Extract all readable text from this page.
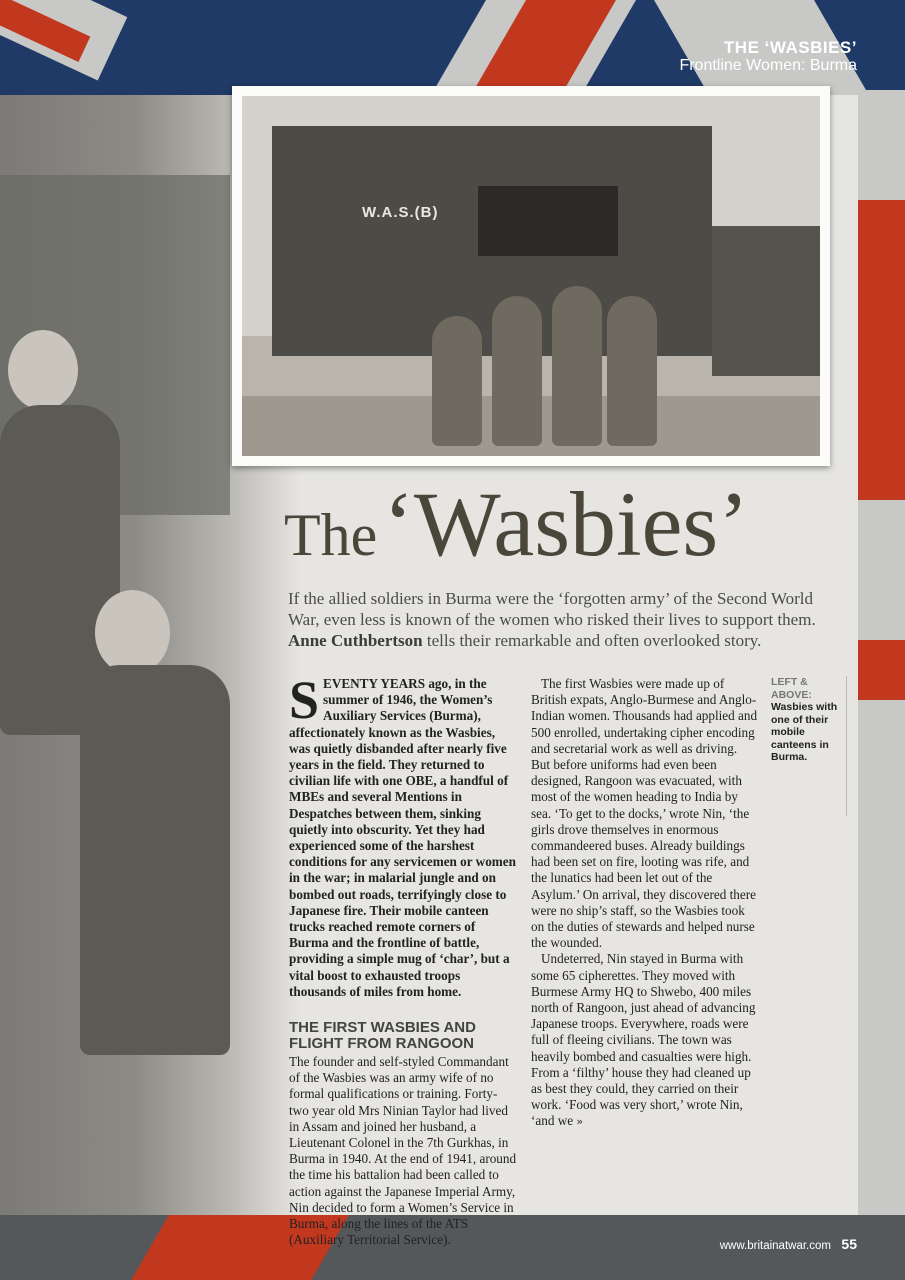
THE ‘WASBIES’
Frontline Women: Burma
W.A.S.(B)
The‘Wasbies’
If the allied soldiers in Burma were the ‘forgotten army’ of the Second World War, even less is known of the women who risked their lives to support them. Anne Cuthbertson tells their remarkable and often overlooked story.

SEVENTY YEARS ago, in the summer of 1946, the Women’s Auxiliary Services (Burma), affectionately known as the Wasbies, was quietly disbanded after nearly five years in the field. They returned to civilian life with one OBE, a handful of MBEs and several Mentions in Despatches between them, sinking quietly into obscurity. Yet they had experienced some of the harshest conditions for any servicemen or women in the war; in malarial jungle and on bombed out roads, terrifyingly close to Japanese fire. Their mobile canteen trucks reached remote corners of Burma and the frontline of battle, providing a simple mug of ‘char’, but a vital boost to exhausted troops thousands of miles from home.

THE FIRST WASBIES AND FLIGHT FROM RANGOON

The founder and self-styled Commandant of the Wasbies was an army wife of no formal qualifications or training. Forty-two year old Mrs Ninian Taylor had lived in Assam and joined her husband, a Lieutenant Colonel in the 7th Gurkhas, in Burma in 1940. At the end of 1941, around the time his battalion had been called to action against the Japanese Imperial Army, Nin decided to form a Women’s Service in Burma, along the lines of the ATS (Auxiliary Territorial Service).

The first Wasbies were made up of British expats, Anglo-Burmese and Anglo-Indian women. Thousands had applied and 500 enrolled, undertaking cipher encoding and secretarial work as well as driving. But before uniforms had even been designed, Rangoon was evacuated, with most of the women heading to India by sea. ‘To get to the docks,’ wrote Nin, ‘the girls drove themselves in enormous commandeered buses. Already buildings had been set on fire, looting was rife, and the lunatics had been let out of the Asylum.’ On arrival, they discovered there were no ship’s staff, so the Wasbies took on the duties of stewards and helped nurse the wounded.

Undeterred, Nin stayed in Burma with some 65 cipherettes. They moved with Burmese Army HQ to Shwebo, 400 miles north of Rangoon, just ahead of advancing Japanese troops. Everywhere, roads were full of fleeing civilians. The town was heavily bombed and casualties were high. From a ‘filthy’ house they had cleaned up as best they could, they carried on their work. ‘Food was very short,’ wrote Nin, ‘and we »

LEFT & ABOVE:
Wasbies with one of their mobile canteens in Burma.
www.britainatwar.com 55
